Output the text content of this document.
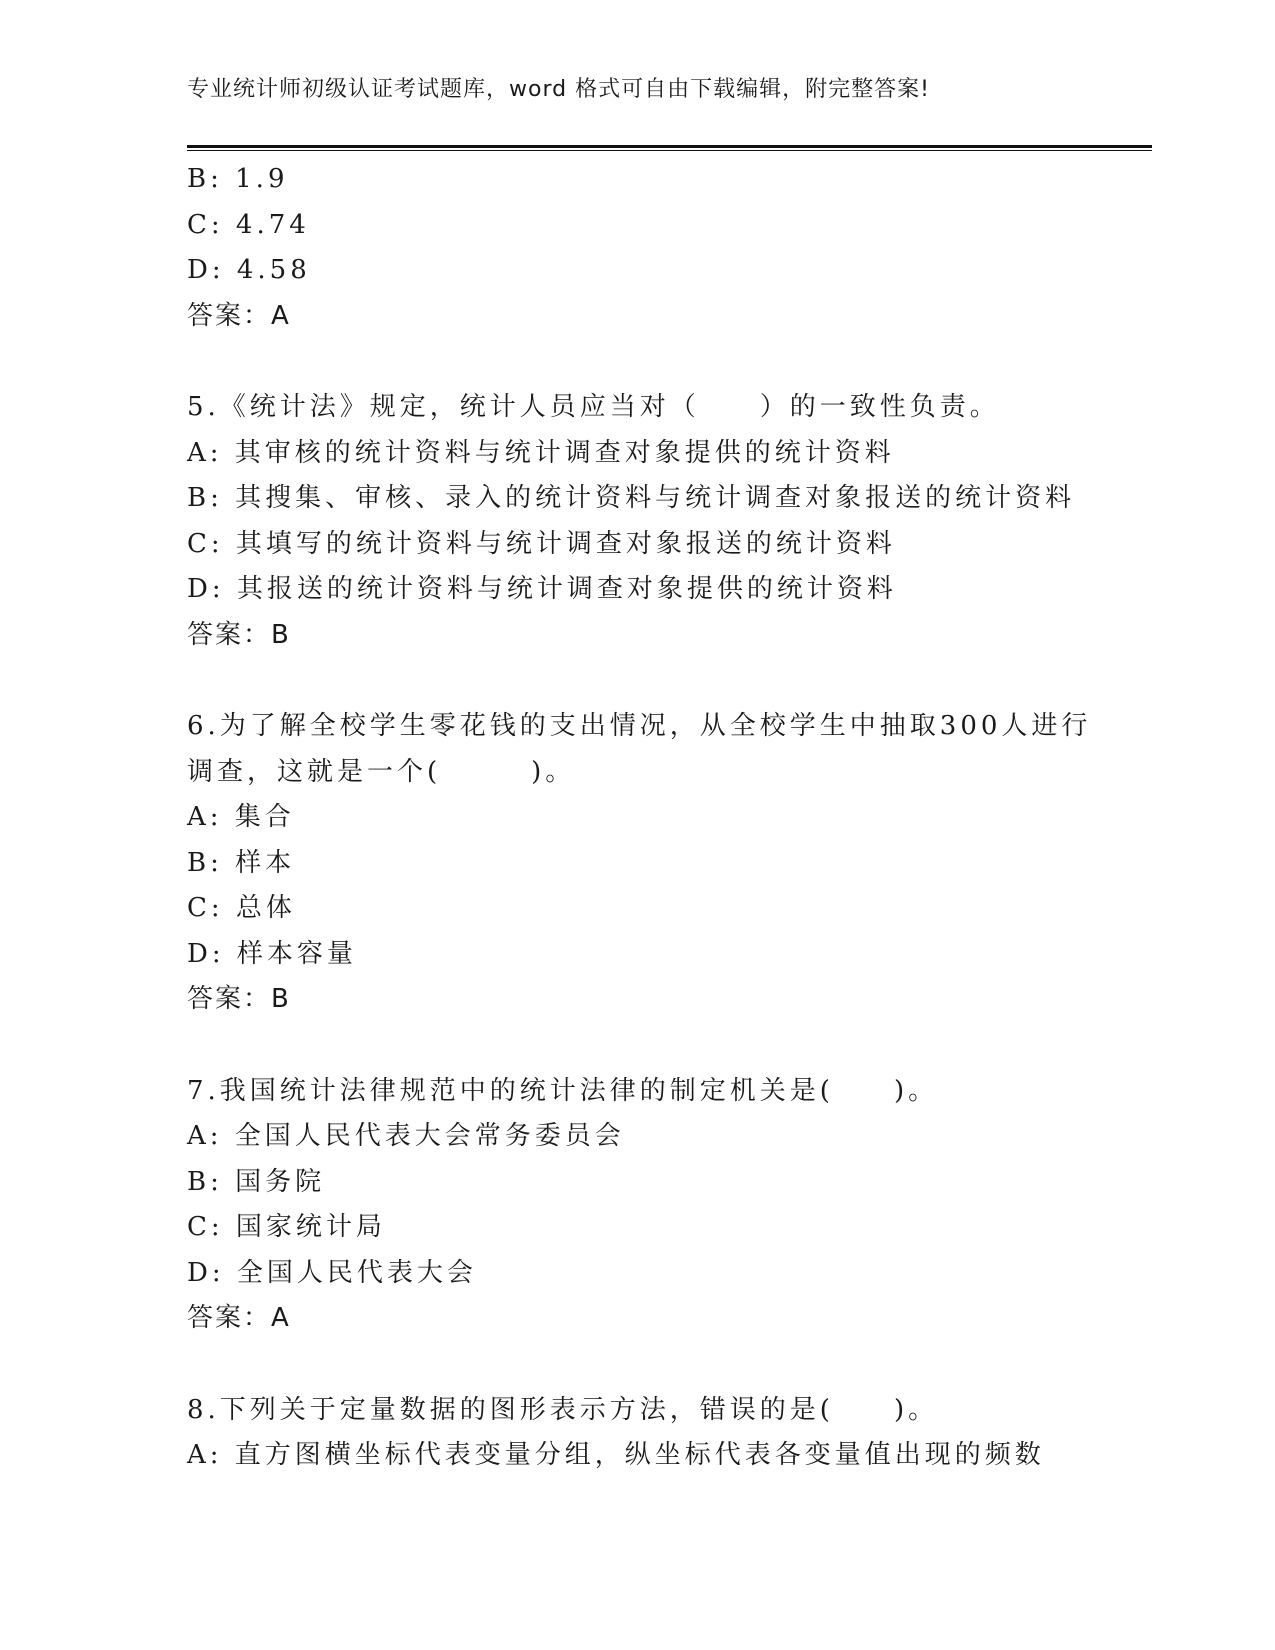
专业统计师初级认证考试题库，word 格式可自由下载编辑，附完整答案!
B: 1.9
C: 4.74
D: 4.58
答案：A
5.《统计法》规定，统计人员应当对（　　）的一致性负责。
A: 其审核的统计资料与统计调查对象提供的统计资料
B: 其搜集、审核、录入的统计资料与统计调查对象报送的统计资料
C: 其填写的统计资料与统计调查对象报送的统计资料
D: 其报送的统计资料与统计调查对象提供的统计资料
答案：B
6.为了解全校学生零花钱的支出情况，从全校学生中抽取300人进行
调查，这就是一个(　　　)。
A: 集合
B: 样本
C: 总体
D: 样本容量
答案：B
7.我国统计法律规范中的统计法律的制定机关是(　　)。
A: 全国人民代表大会常务委员会
B: 国务院
C: 国家统计局
D: 全国人民代表大会
答案：A
8.下列关于定量数据的图形表示方法，错误的是(　　)。
A: 直方图横坐标代表变量分组，纵坐标代表各变量值出现的频数
